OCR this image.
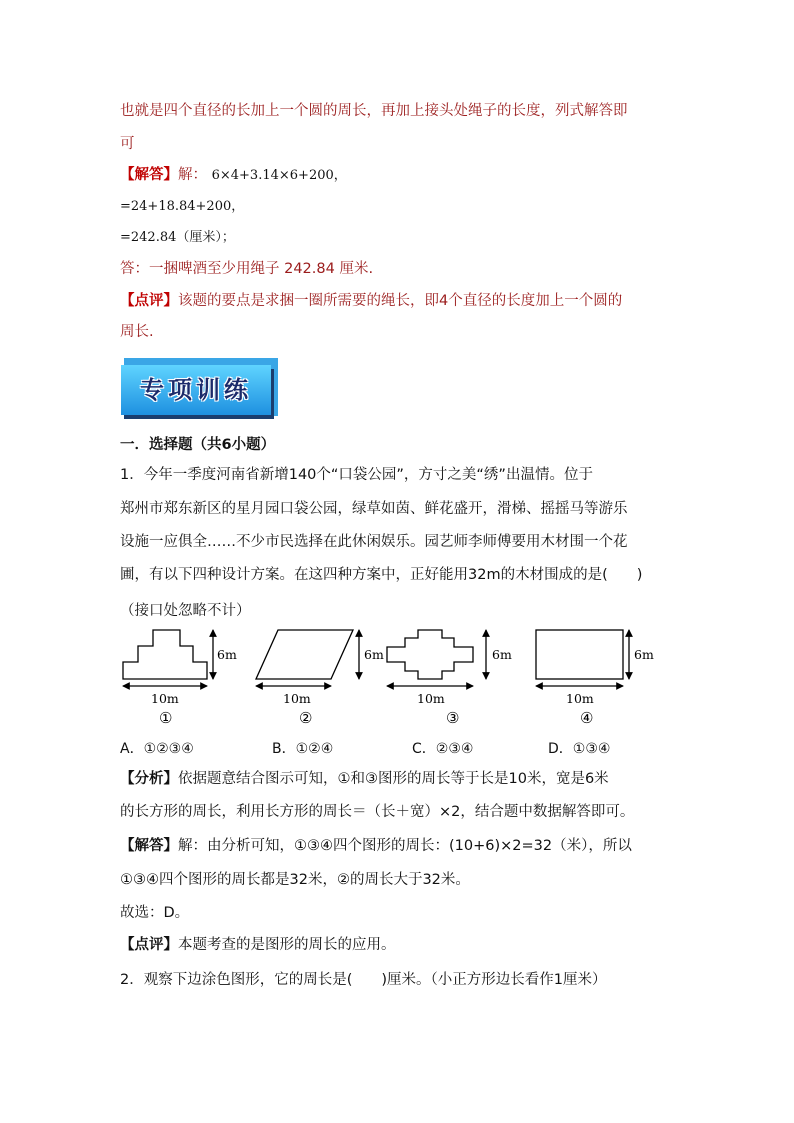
也就是四个直径的长加上一个圆的周长，再加上接头处绳子的长度，列式解答即
可
【解答】解： 6×4+3.14×6+200，
=24+18.84+200，
=242.84（厘米）；
答：一捆啤酒至少用绳子 242.84 厘米.
【点评】该题的要点是求捆一圈所需要的绳长，即4个直径的长度加上一个圆的
周长.
专项训练
一．选择题（共6小题）
1．今年一季度河南省新增140个“口袋公园”，方寸之美“绣”出温情。位于
郑州市郑东新区的星月园口袋公园，绿草如茵、鲜花盛开，滑梯、摇摇马等游乐
设施一应俱全……不少市民选择在此休闲娱乐。园艺师李师傅要用木材围一个花
圃，有以下四种设计方案。在这四种方案中，正好能用32m的木材围成的是(　　)
（接口处忽略不计）
10m
6m
①
10m
6m
②
10m
6m
③
10m
6m
④
A．①②③④	B．①②④	C．②③④	D．①③④
【分析】依据题意结合图示可知，①和③图形的周长等于长是10米，宽是6米
的长方形的周长，利用长方形的周长＝（长＋宽）×2，结合题中数据解答即可。
【解答】解：由分析可知，①③④四个图形的周长：(10+6)×2=32（米），所以
①③④四个图形的周长都是32米，②的周长大于32米。
故选：D。
【点评】本题考查的是图形的周长的应用。
2．观察下边涂色图形，它的周长是(　　)厘米。（小正方形边长看作1厘米）
